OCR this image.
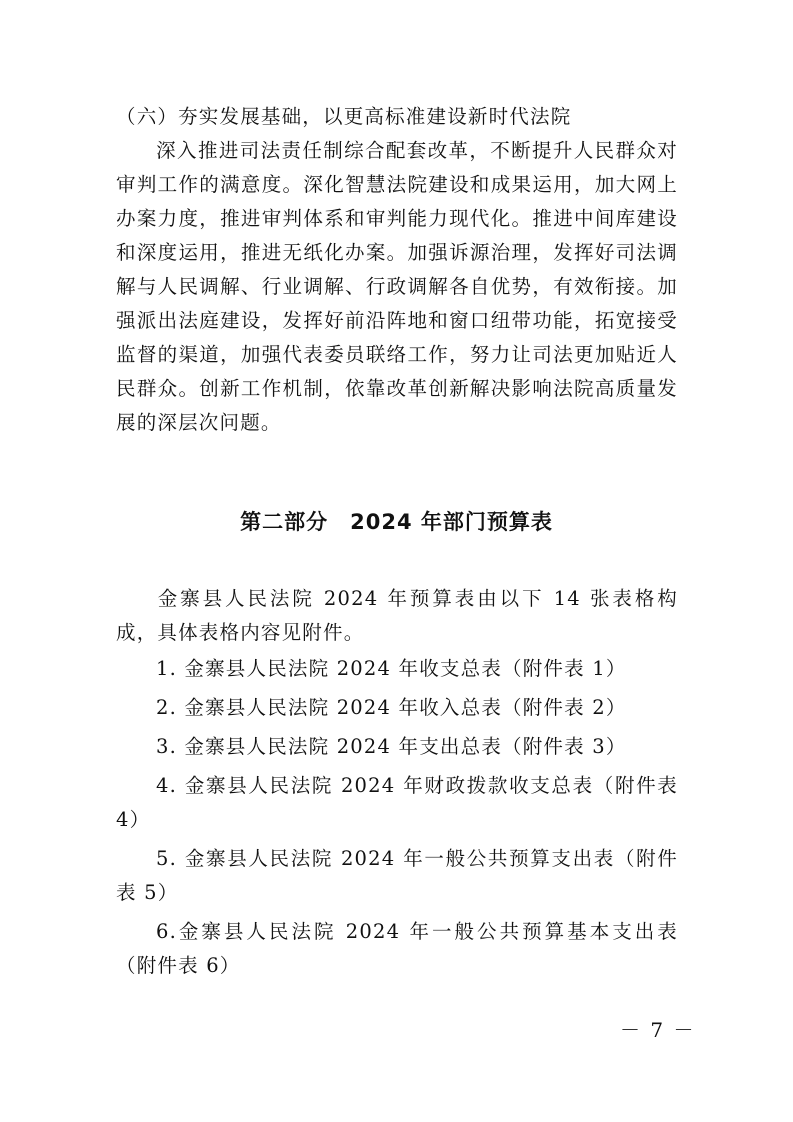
（六）夯实发展基础，以更高标准建设新时代法院

深入推进司法责任制综合配套改革，不断提升人民群众对审判工作的满意度。深化智慧法院建设和成果运用，加大网上办案力度，推进审判体系和审判能力现代化。推进中间库建设和深度运用，推进无纸化办案。加强诉源治理，发挥好司法调解与人民调解、行业调解、行政调解各自优势，有效衔接。加强派出法庭建设，发挥好前沿阵地和窗口纽带功能，拓宽接受监督的渠道，加强代表委员联络工作，努力让司法更加贴近人民群众。创新工作机制，依靠改革创新解决影响法院高质量发展的深层次问题。

第二部分　2024 年部门预算表

金寨县人民法院 2024 年预算表由以下 14 张表格构成，具体表格内容见附件。

1. 金寨县人民法院 2024 年收支总表（附件表 1）
2. 金寨县人民法院 2024 年收入总表（附件表 2）
3. 金寨县人民法院 2024 年支出总表（附件表 3）
4. 金寨县人民法院 2024 年财政拨款收支总表（附件表 4）
5. 金寨县人民法院 2024 年一般公共预算支出表（附件表 5）
6.金寨县人民法院 2024 年一般公共预算基本支出表（附件表 6）
－ 7 －
